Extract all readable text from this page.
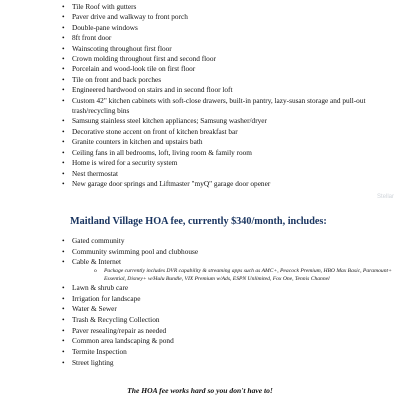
• Tile Roof with gutters
• Paver drive and walkway to front porch
• Double-pane windows
• 8ft front door
• Wainscoting throughout first floor
• Crown molding throughout first and second floor
• Porcelain and wood-look tile on first floor
• Tile on front and back porches
• Engineered hardwood on stairs and in second floor loft
• Custom 42" kitchen cabinets with soft-close drawers, built-in pantry, lazy-susan storage and pull-out trash/recycling bins
• Samsung stainless steel kitchen appliances; Samsung washer/dryer
• Decorative stone accent on front of kitchen breakfast bar
• Granite counters in kitchen and upstairs bath
• Ceiling fans in all bedrooms, loft, living room & family room
• Home is wired for a security system
• Nest thermostat
• New garage door springs and Liftmaster "myQ" garage door opener
Stellar
Maitland Village HOA fee, currently $340/month, includes:
• Gated community
• Community swimming pool and clubhouse
• Cable & Internet
o Package currently includes DVR capability & streaming apps such as AMC+, Peacock Premium, HBO Max Basic, Paramount+ Essential, Disney+ w/Hulu Bundle, VIX Premium w/Ads, ESPN Unlimited, Fox One, Tennis Channel
• Lawn & shrub care
• Irrigation for landscape
• Water & Sewer
• Trash & Recycling Collection
• Paver resealing/repair as needed
• Common area landscaping & pond
• Termite Inspection
• Street lighting
The HOA fee works hard so you don't have to!
